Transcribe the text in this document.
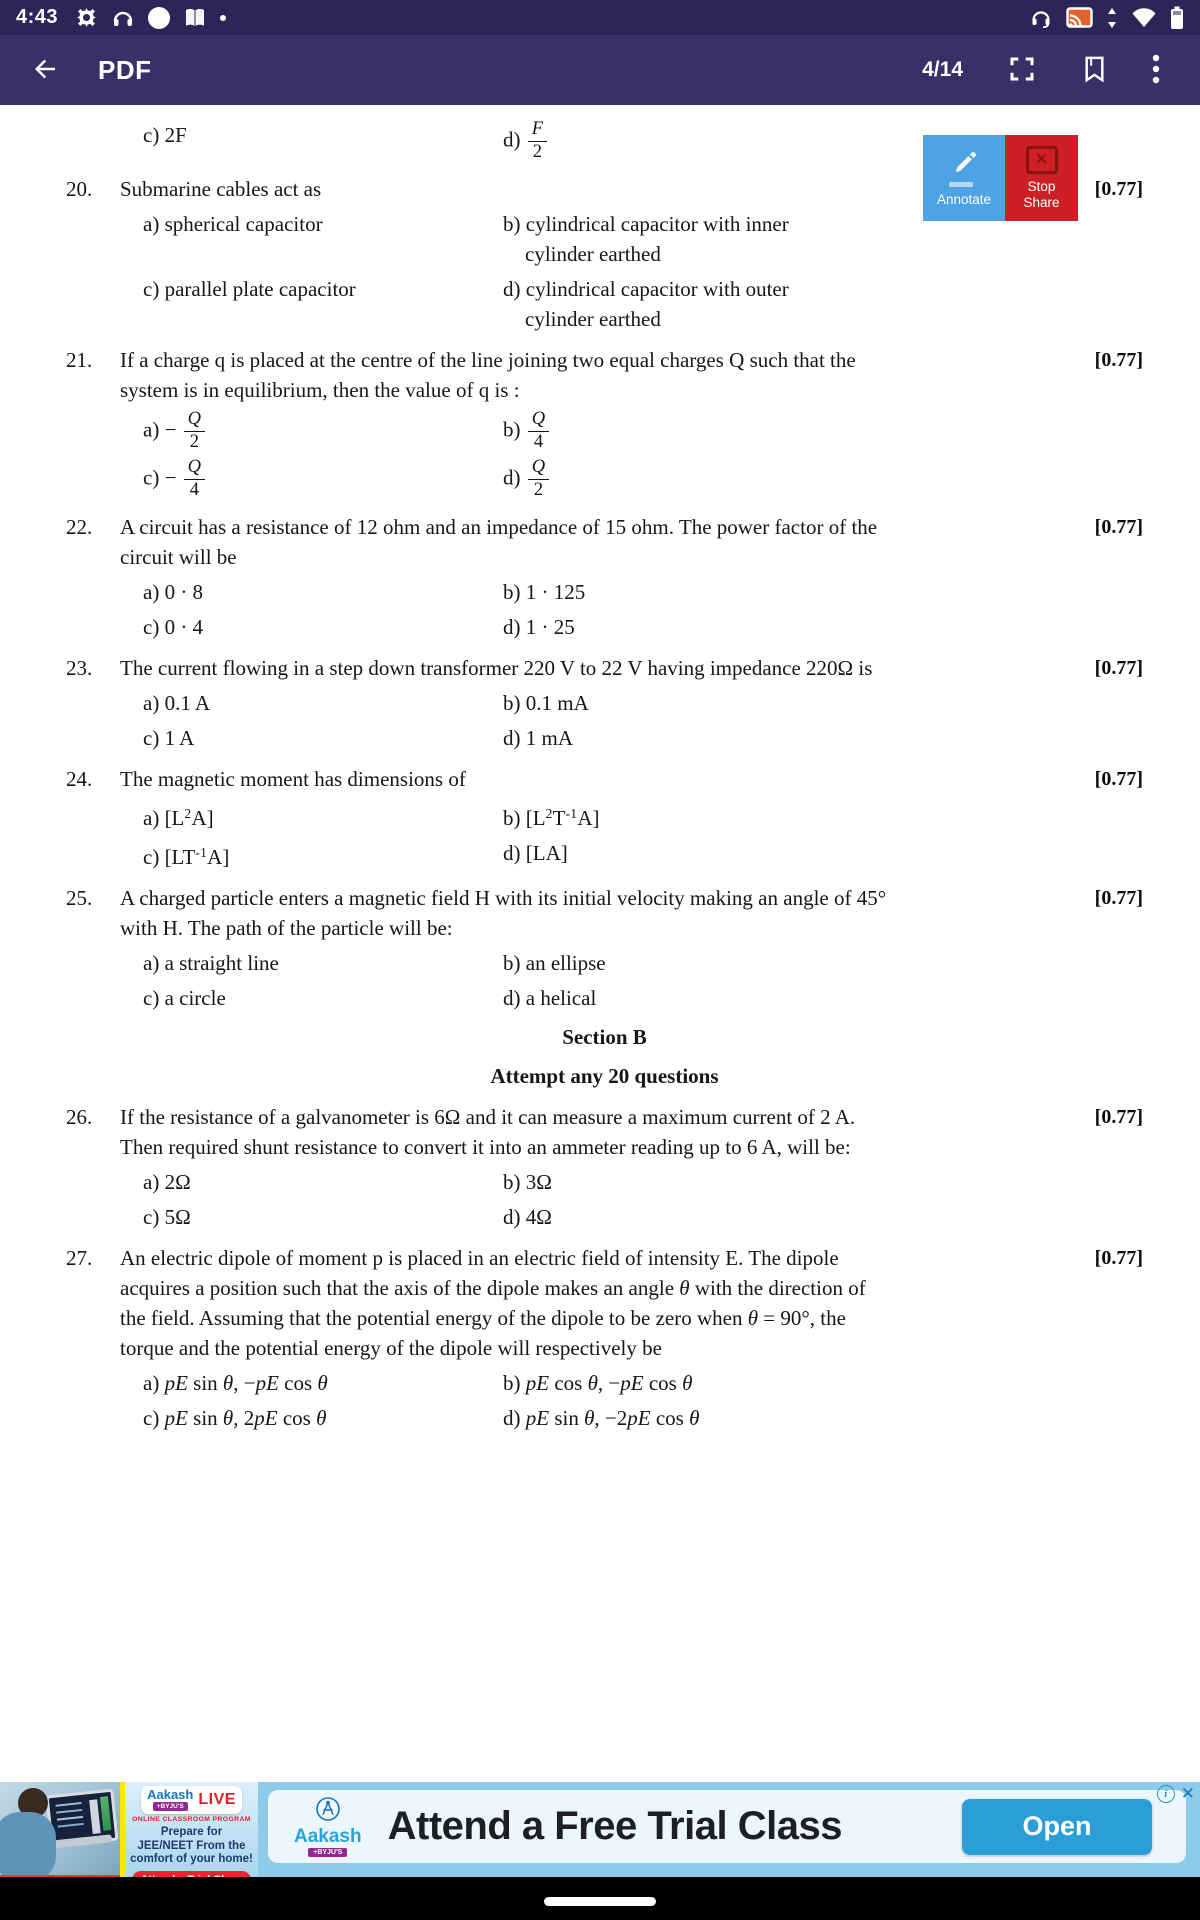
4:43
PDF	4/14
c) 2F	$d) \frac{F}{2}$
20.	Submarine cables act as	[0.77]
a) spherical capacitor	b) cylindrical capacitor with inner
cylinder earthed
c) parallel plate capacitor	d) cylindrical capacitor with outer
cylinder earthed
21.	If a charge q is placed at the centre of the line joining two equal charges Q such that the
system is in equilibrium, then the value of q is :
[0.77]
$a) - \frac{Q}{2}$	$b) \frac{Q}{4}$
$c) - \frac{Q}{4}$	$d) \frac{Q}{2}$
22.	A circuit has a resistance of 12 ohm and an impedance of 15 ohm. The power factor of the
circuit will be
[0.77]
a) 0 · 8	b) 1 · 125
c) 0 · 4	d) 1 · 25
23.	The current flowing in a step down transformer 220 V to 22 V having impedance 220Ω is	[0.77]
a) 0.1 A	b) 0.1 mA
c) 1 A	d) 1 mA
24.	The magnetic moment has dimensions of	[0.77]
a) $[L^2A]$	b) $[L^2T^{-1}A]$
c) $[LT^{-1}A]$	d) [LA]
25.	A charged particle enters a magnetic field H with its initial velocity making an angle of 45°
with H. The path of the particle will be:
[0.77]
a) a straight line	b) an ellipse
c) a circle	d) a helical
Section B
Attempt any 20 questions
26.	If the resistance of a galvanometer is 6Ω and it can measure a maximum current of 2 A.
Then required shunt resistance to convert it into an ammeter reading up to 6 A, will be:
[0.77]
a) 2Ω	b) 3Ω
c) 5Ω	d) 4Ω
27.	An electric dipole of moment p is placed in an electric field of intensity E. The dipole
acquires a position such that the axis of the dipole makes an angle θ with the direction of
the field. Assuming that the potential energy of the dipole to be zero when θ = 90°, the
torque and the potential energy of the dipole will respectively be
[0.77]
a) pE sin θ, −pE cos θ	b) pE cos θ, −pE cos θ
c) pE sin θ, 2pE cos θ	d) pE sin θ, −2pE cos θ
Annotate
✕
Stop
Share
Aakash
+BYJU'S LIVE
ONLINE CLASSROOM PROGRAM
Prepare for
JEE/NEET From the
comfort of your home!
Aakash
+BYJU'S
Attend a Free Trial Class	Open
i ✕
